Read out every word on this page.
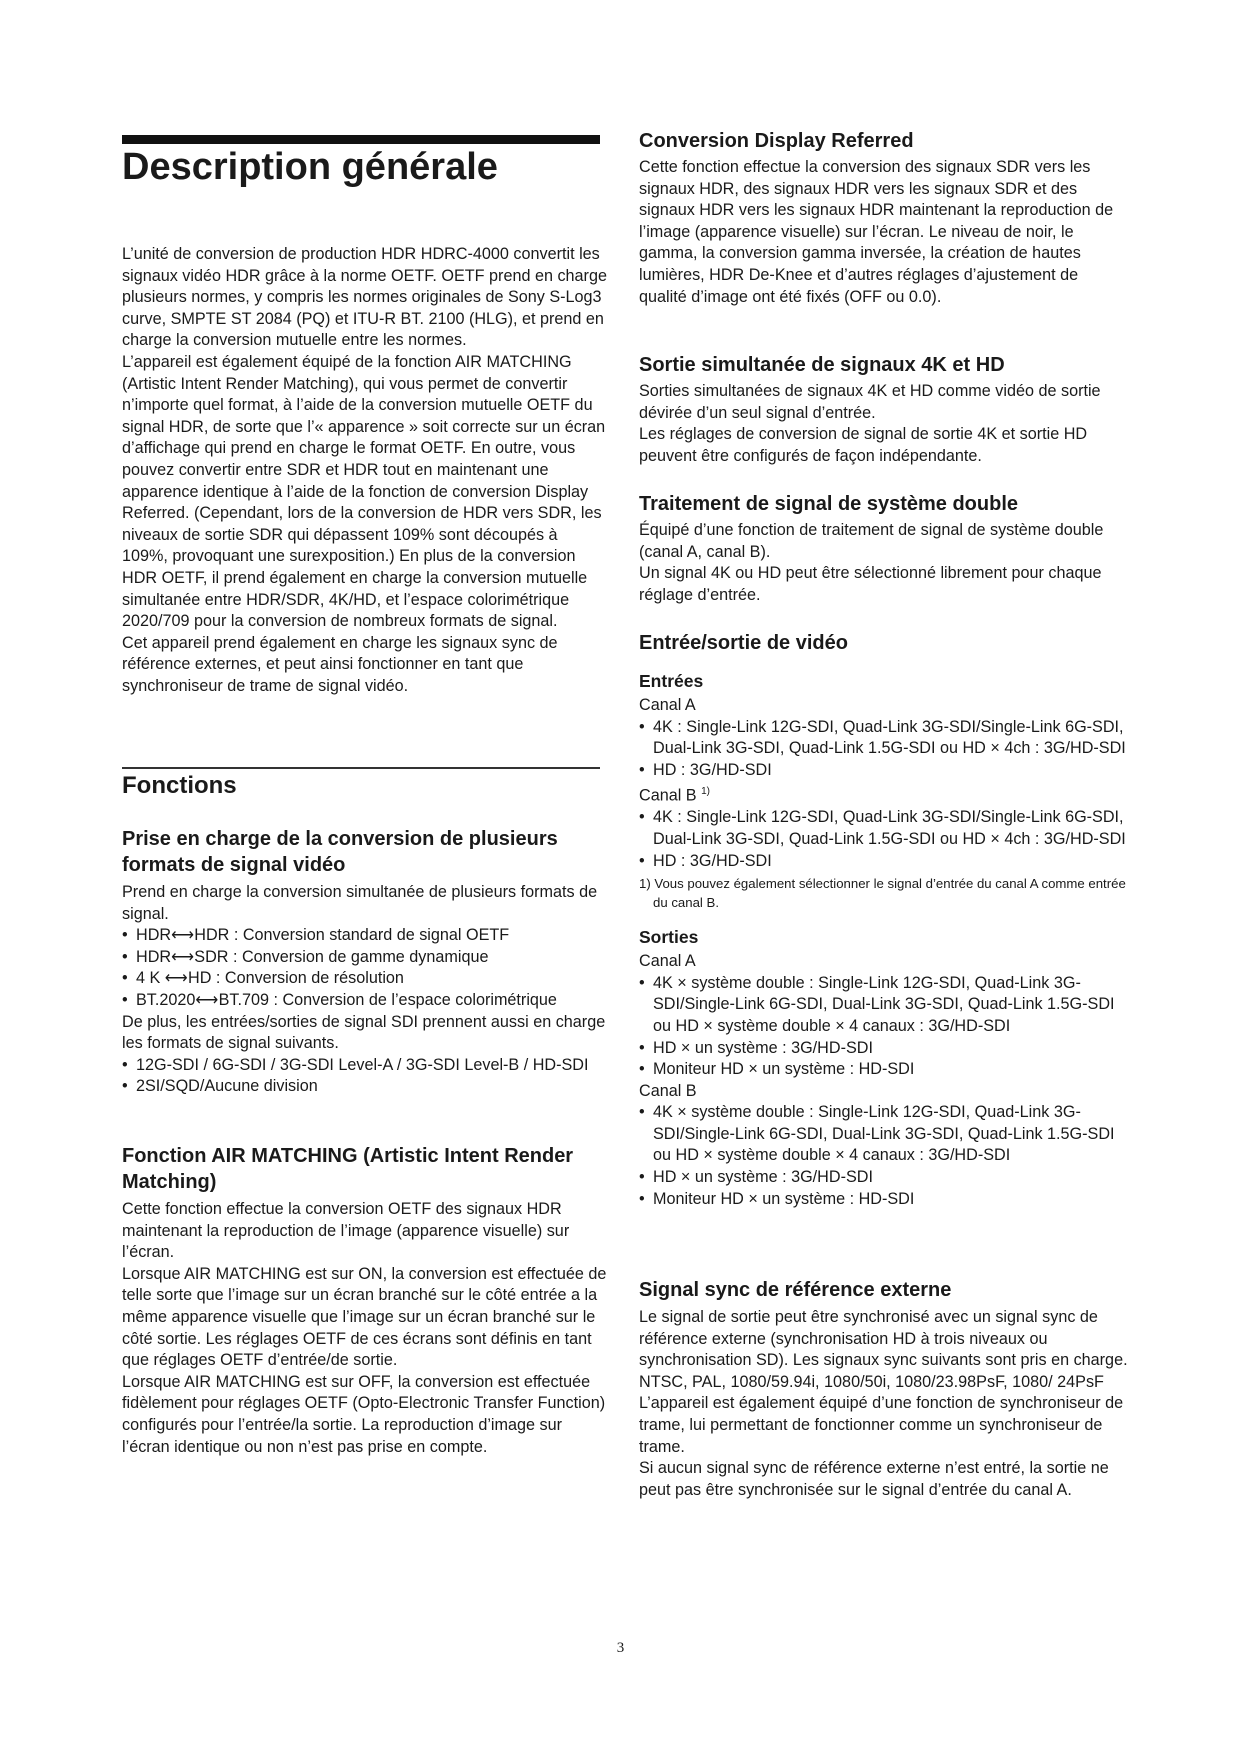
Description générale

L’unité de conversion de production HDR HDRC-4000 convertit les signaux vidéo HDR grâce à la norme OETF. OETF prend en charge plusieurs normes, y compris les normes originales de Sony S-Log3 curve, SMPTE ST 2084 (PQ) et ITU-R BT. 2100 (HLG), et prend en charge la conversion mutuelle entre les normes.

L’appareil est également équipé de la fonction AIR MATCHING (Artistic Intent Render Matching), qui vous permet de convertir n’importe quel format, à l’aide de la conversion mutuelle OETF du signal HDR, de sorte que l’« apparence » soit correcte sur un écran d’affichage qui prend en charge le format OETF. En outre, vous pouvez convertir entre SDR et HDR tout en maintenant une apparence identique à l’aide de la fonction de conversion Display Referred. (Cependant, lors de la conversion de HDR vers SDR, les niveaux de sortie SDR qui dépassent 109% sont découpés à 109%, provoquant une surexposition.) En plus de la conversion HDR OETF, il prend également en charge la conversion mutuelle simultanée entre HDR/SDR, 4K/HD, et l’espace colorimétrique 2020/709 pour la conversion de nombreux formats de signal.

Cet appareil prend également en charge les signaux sync de référence externes, et peut ainsi fonctionner en tant que synchroniseur de trame de signal vidéo.

Fonctions
Prise en charge de la conversion de plusieurs formats de signal vidéo

Prend en charge la conversion simultanée de plusieurs formats de signal.

• HDR⟷HDR : Conversion standard de signal OETF
• HDR⟷SDR : Conversion de gamme dynamique
• 4 K ⟷HD : Conversion de résolution
• BT.2020⟷BT.709 : Conversion de l’espace colorimétrique

De plus, les entrées/sorties de signal SDI prennent aussi en charge les formats de signal suivants.

• 12G-SDI / 6G-SDI / 3G-SDI Level-A / 3G-SDI Level-B / HD-SDI
• 2SI/SQD/Aucune division
Fonction AIR MATCHING (Artistic Intent Render Matching)

Cette fonction effectue la conversion OETF des signaux HDR maintenant la reproduction de l’image (apparence visuelle) sur l’écran.

Lorsque AIR MATCHING est sur ON, la conversion est effectuée de telle sorte que l’image sur un écran branché sur le côté entrée a la même apparence visuelle que l’image sur un écran branché sur le côté sortie. Les réglages OETF de ces écrans sont définis en tant que réglages OETF d’entrée/de sortie.

Lorsque AIR MATCHING est sur OFF, la conversion est effectuée fidèlement pour réglages OETF (Opto-Electronic Transfer Function) configurés pour l’entrée/la sortie. La reproduction d’image sur l’écran identique ou non n’est pas prise en compte.

Conversion Display Referred

Cette fonction effectue la conversion des signaux SDR vers les signaux HDR, des signaux HDR vers les signaux SDR et des signaux HDR vers les signaux HDR maintenant la reproduction de l’image (apparence visuelle) sur l’écran. Le niveau de noir, le gamma, la conversion gamma inversée, la création de hautes lumières, HDR De-Knee et d’autres réglages d’ajustement de qualité d’image ont été fixés (OFF ou 0.0).

Sortie simultanée de signaux 4K et HD

Sorties simultanées de signaux 4K et HD comme vidéo de sortie dévirée d’un seul signal d’entrée.

Les réglages de conversion de signal de sortie 4K et sortie HD peuvent être configurés de façon indépendante.

Traitement de signal de système double

Équipé d’une fonction de traitement de signal de système double (canal A, canal B).

Un signal 4K ou HD peut être sélectionné librement pour chaque réglage d’entrée.

Entrée/sortie de vidéo
Entrées

Canal A

• 4K : Single-Link 12G-SDI, Quad-Link 3G-SDI/Single-Link 6G-SDI, Dual-Link 3G-SDI, Quad-Link 1.5G-SDI ou HD × 4ch : 3G/HD-SDI
• HD : 3G/HD-SDI

Canal B $^{1)}$

• 4K : Single-Link 12G-SDI, Quad-Link 3G-SDI/Single-Link 6G-SDI, Dual-Link 3G-SDI, Quad-Link 1.5G-SDI ou HD × 4ch : 3G/HD-SDI
• HD : 3G/HD-SDI

1) Vous pouvez également sélectionner le signal d’entrée du canal A comme entrée du canal B.

Sorties

Canal A

• 4K × système double : Single-Link 12G-SDI, Quad-Link 3G-SDI/Single-Link 6G-SDI, Dual-Link 3G-SDI, Quad-Link 1.5G-SDI ou HD × système double × 4 canaux : 3G/HD-SDI
• HD × un système : 3G/HD-SDI
• Moniteur HD × un système : HD-SDI

Canal B

• 4K × système double : Single-Link 12G-SDI, Quad-Link 3G-SDI/Single-Link 6G-SDI, Dual-Link 3G-SDI, Quad-Link 1.5G-SDI ou HD × système double × 4 canaux : 3G/HD-SDI
• HD × un système : 3G/HD-SDI
• Moniteur HD × un système : HD-SDI
Signal sync de référence externe

Le signal de sortie peut être synchronisé avec un signal sync de référence externe (synchronisation HD à trois niveaux ou synchronisation SD). Les signaux sync suivants sont pris en charge.

NTSC, PAL, 1080/59.94i, 1080/50i, 1080/23.98PsF, 1080/ 24PsF

L’appareil est également équipé d’une fonction de synchroniseur de trame, lui permettant de fonctionner comme un synchroniseur de trame.

Si aucun signal sync de référence externe n’est entré, la sortie ne peut pas être synchronisée sur le signal d’entrée du canal A.

3
